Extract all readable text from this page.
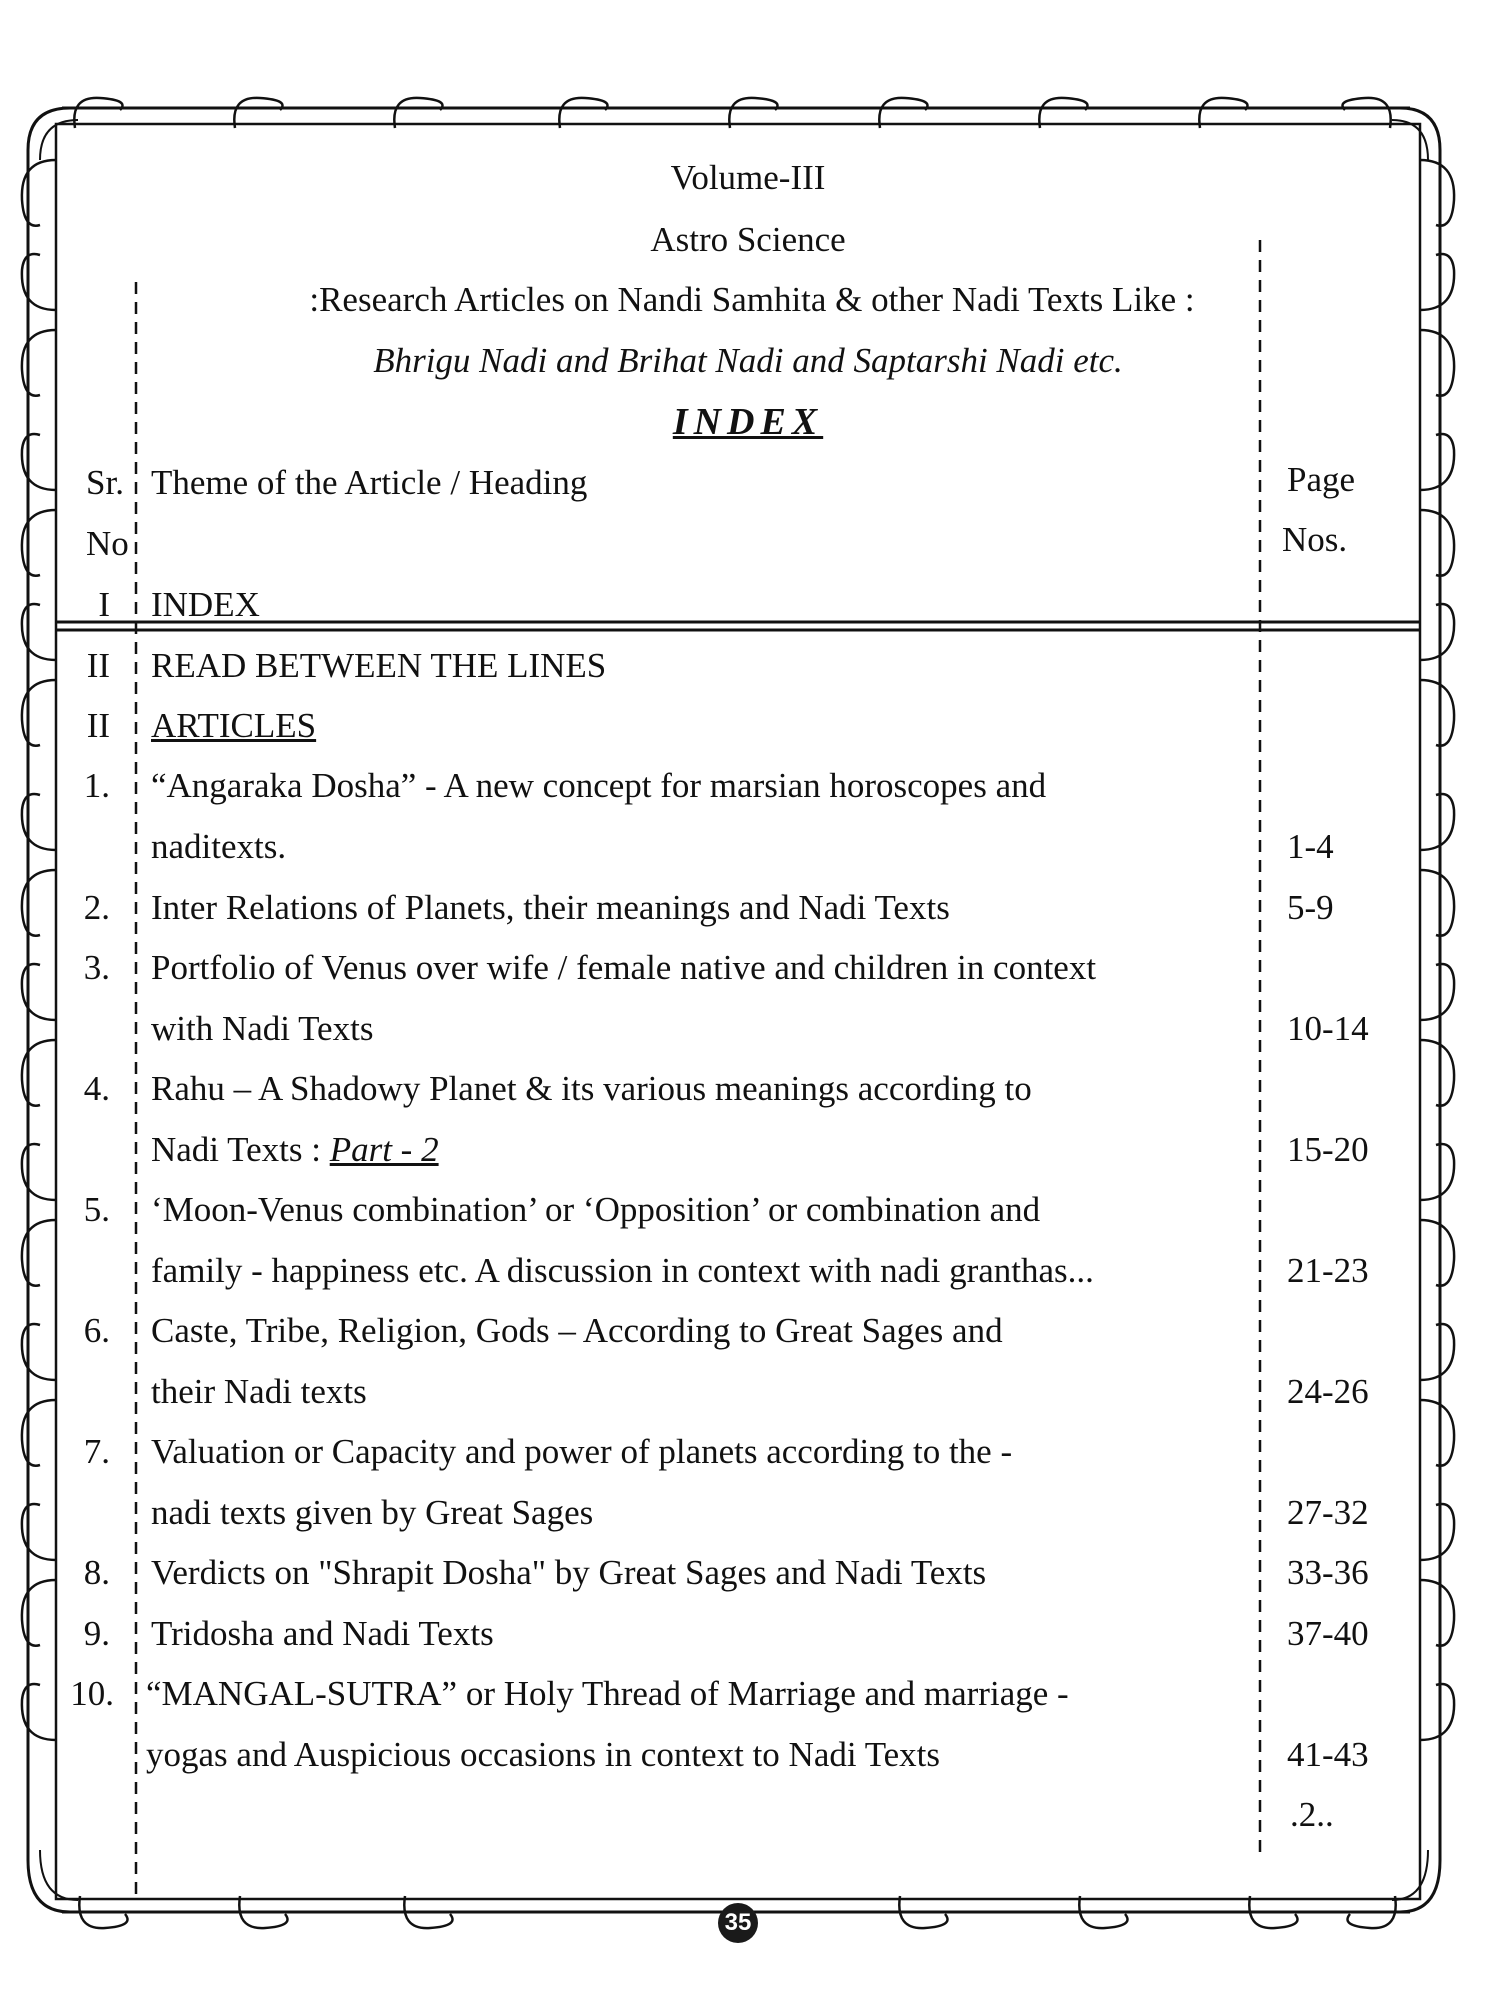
Volume-III
Astro Science
:Research Articles on Nandi Samhita & other Nadi Texts Like :
Bhrigu Nadi and Brihat Nadi and Saptarshi Nadi etc.
INDEX
Sr.
No
Theme of the Article / Heading	Page
Nos.
I INDEX
II READ BETWEEN THE LINES
II ARTICLES
1. “Angaraka Dosha” - A new concept for marsian horoscopes and
naditexts.	1-4
2. Inter Relations of Planets, their meanings and Nadi Texts	5-9
3. Portfolio of Venus over wife / female native and children in context
with Nadi Texts	10-14
4. Rahu – A Shadowy Planet & its various meanings according to
Nadi Texts : Part - 2	15-20
5. ‘Moon-Venus combination’ or ‘Opposition’ or combination and
family - happiness etc. A discussion in context with nadi granthas...	21-23
6. Caste, Tribe, Religion, Gods – According to Great Sages and
their Nadi texts	24-26
7. Valuation or Capacity and power of planets according to the -
nadi texts given by Great Sages	27-32
8. Verdicts on "Shrapit Dosha" by Great Sages and Nadi Texts	33-36
9. Tridosha and Nadi Texts	37-40
10. “MANGAL-SUTRA” or Holy Thread of Marriage and marriage -
yogas and Auspicious occasions in context to Nadi Texts	41-43
.2..
35
